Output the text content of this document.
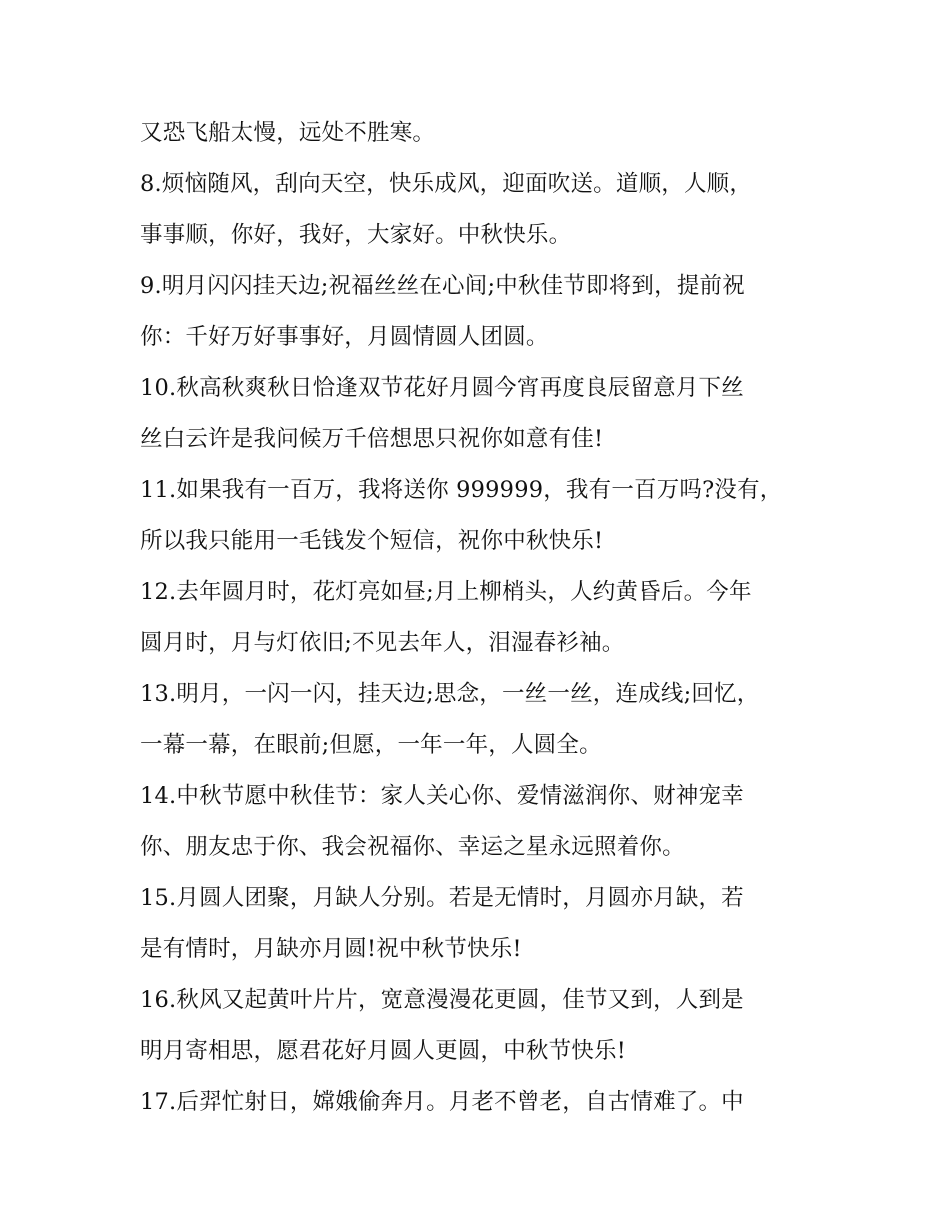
又恐飞船太慢，远处不胜寒。
8.烦恼随风，刮向天空，快乐成风，迎面吹送。道顺，人顺，
事事顺，你好，我好，大家好。中秋快乐。
9.明月闪闪挂天边;祝福丝丝在心间;中秋佳节即将到，提前祝
你：千好万好事事好，月圆情圆人团圆。
10.秋高秋爽秋日恰逢双节花好月圆今宵再度良辰留意月下丝
丝白云许是我问候万千倍想思只祝你如意有佳!
11.如果我有一百万，我将送你 999999，我有一百万吗?没有，
所以我只能用一毛钱发个短信，祝你中秋快乐!
12.去年圆月时，花灯亮如昼;月上柳梢头，人约黄昏后。今年
圆月时，月与灯依旧;不见去年人，泪湿春衫袖。
13.明月，一闪一闪，挂天边;思念，一丝一丝，连成线;回忆，
一幕一幕，在眼前;但愿，一年一年，人圆全。
14.中秋节愿中秋佳节：家人关心你、爱情滋润你、财神宠幸
你、朋友忠于你、我会祝福你、幸运之星永远照着你。
15.月圆人团聚，月缺人分别。若是无情时，月圆亦月缺，若
是有情时，月缺亦月圆!祝中秋节快乐!
16.秋风又起黄叶片片，宽意漫漫花更圆，佳节又到，人到是
明月寄相思，愿君花好月圆人更圆，中秋节快乐!
17.后羿忙射日，嫦娥偷奔月。月老不曾老，自古情难了。中
